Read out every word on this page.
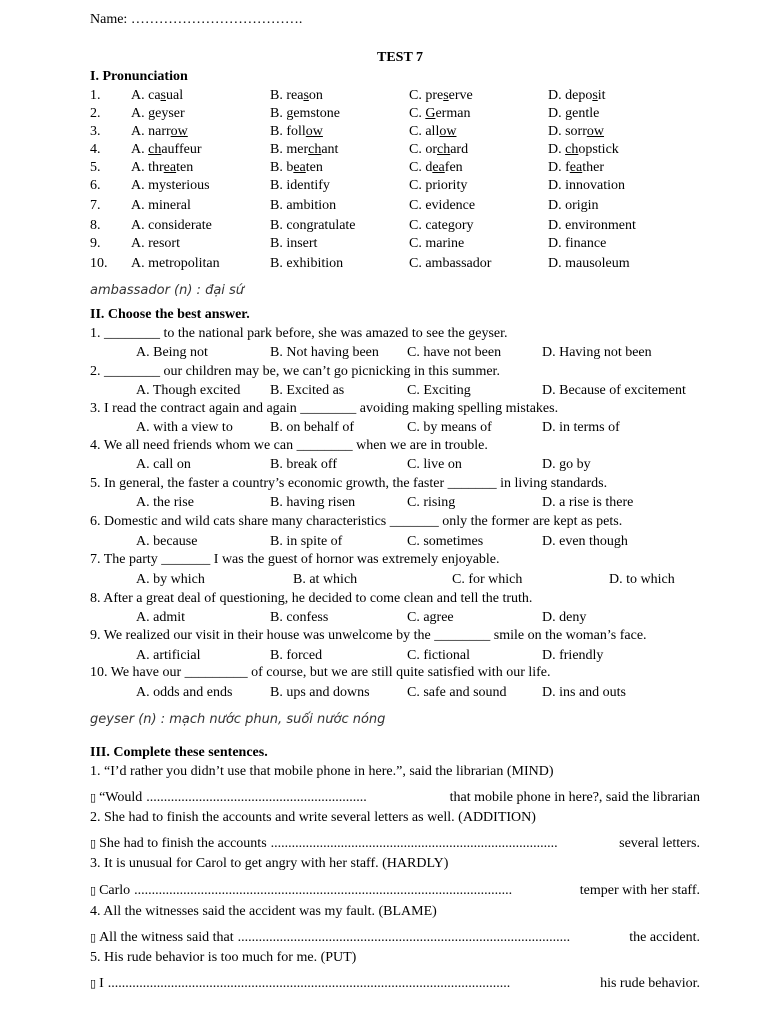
Name: ……………………………….
TEST 7
I. Pronunciation
1. A. casual	B. reason	C. preserve	D. deposit
2. A. geyser	B. gemstone	C. German	D. gentle
3. A. narrow	B. follow	C. allow	D. sorrow
4. A. chauffeur	B. merchant	C. orchard	D. chopstick
5. A. threaten	B. beaten	C. deafen	D. feather
6. A. mysterious	B. identify	C. priority	D. innovation
7. A. mineral	B. ambition	C. evidence	D. origin
8. A. considerate	B. congratulate	C. category	D. environment
9. A. resort	B. insert	C. marine	D. finance
10. A. metropolitan	B. exhibition	C. ambassador	D. mausoleum
ambassador (n) : đại sứ
II. Choose the best answer.
1. ________ to the national park before, she was amazed to see the geyser.
A. Being not	B. Not having been C. have not been	D. Having not been
2. ________ our children may be, we can’t go picnicking in this summer.
A. Though excited B. Excited as	C. Exciting	D. Because of excitement
3. I read the contract again and again ________ avoiding making spelling mistakes.
A. with a view to	B. on behalf of	C. by means of	D. in terms of
4. We all need friends whom we can ________ when we are in trouble.
A. call on	B. break off	C. live on	D. go by
5. In general, the faster a country’s economic growth, the faster _______ in living standards.
A. the rise	B. having risen	C. rising	D. a rise is there
6. Domestic and wild cats share many characteristics _______ only the former are kept as pets.
A. because	B. in spite of	C. sometimes	D. even though
7. The party _______ I was the guest of hornor was extremely enjoyable.
A. by which	B. at which	C. for which	D. to which
8. After a great deal of questioning, he decided to come clean and tell the truth.
A. admit	B. confess	C. agree	D. deny
9. We realized our visit in their house was unwelcome by the ________ smile on the woman’s face.
A. artificial	B. forced	C. fictional	D. friendly
10. We have our _________ of course, but we are still quite satisfied with our life.
A. odds and ends	B. ups and downs	C. safe and sound	D. ins and outs
geyser (n) : mạch nước phun, suối nước nóng
III. Complete these sentences.
1. “I’d rather you didn’t use that mobile phone in here.”, said the librarian (MIND)
▯ “Would ...............................................................	that mobile phone in here?, said the librarian
2. She had to finish the accounts and write several letters as well. (ADDITION)
▯ She had to finish the accounts ..................................................................................	several letters.
3. It is unusual for Carol to get angry with her staff. (HARDLY)
▯ Carlo ............................................................................................................	temper with her staff.
4. All the witnesses said the accident was my fault. (BLAME)
▯ All the witness said that ...............................................................................................	the accident.
5. His rude behavior is too much for me. (PUT)
▯ I ...................................................................................................................	his rude behavior.
